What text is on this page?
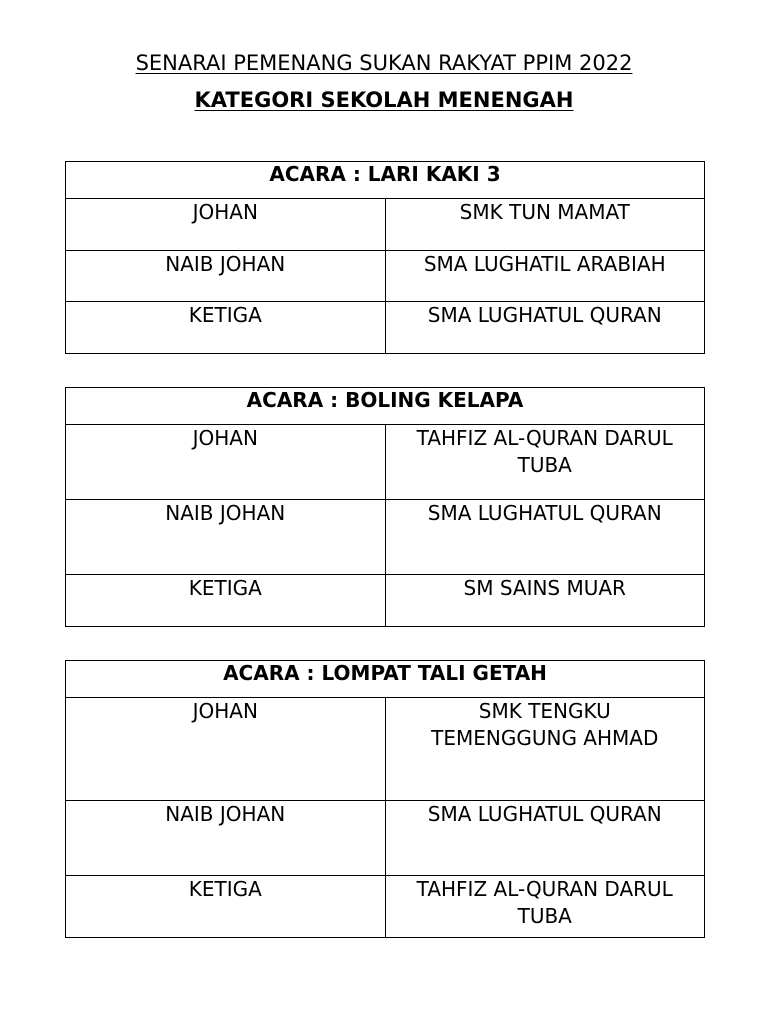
SENARAI PEMENANG SUKAN RAKYAT PPIM 2022
KATEGORI SEKOLAH MENENGAH
ACARA : LARI KAKI 3	
JOHAN	SMK TUN MAMAT
NAIB JOHAN	SMA LUGHATIL ARABIAH
KETIGA	SMA LUGHATUL QURAN
ACARA : BOLING KELAPA	
JOHAN	TAHFIZ AL-QURAN DARUL TUBA
NAIB JOHAN	SMA LUGHATUL QURAN
KETIGA	SM SAINS MUAR
ACARA : LOMPAT TALI GETAH	
JOHAN	SMK TENGKU TEMENGGUNG AHMAD
NAIB JOHAN	SMA LUGHATUL QURAN
KETIGA	TAHFIZ AL-QURAN DARUL TUBA
